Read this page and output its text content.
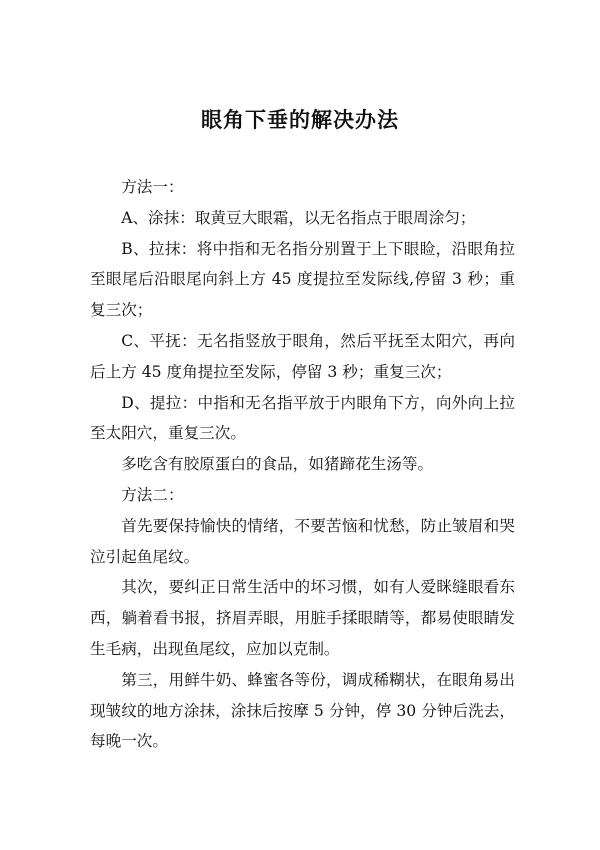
眼角下垂的解决办法

方法一：

A、涂抹：取黄豆大眼霜，以无名指点于眼周涂匀；

B、拉抹：将中指和无名指分别置于上下眼睑，沿眼角拉至眼尾后沿眼尾向斜上方 45 度提拉至发际线,停留 3 秒；重复三次；

C、平抚：无名指竖放于眼角，然后平抚至太阳穴，再向后上方 45 度角提拉至发际，停留 3 秒；重复三次；

D、提拉：中指和无名指平放于内眼角下方，向外向上拉至太阳穴，重复三次。

多吃含有胶原蛋白的食品，如猪蹄花生汤等。

方法二：

首先要保持愉快的情绪，不要苦恼和忧愁，防止皱眉和哭泣引起鱼尾纹。

其次，要纠正日常生活中的坏习惯，如有人爱眯缝眼看东西，躺着看书报，挤眉弄眼，用脏手揉眼睛等，都易使眼睛发生毛病，出现鱼尾纹，应加以克制。

第三，用鲜牛奶、蜂蜜各等份，调成稀糊状，在眼角易出现皱纹的地方涂抹，涂抹后按摩 5 分钟，停 30 分钟后洗去，每晚一次。
